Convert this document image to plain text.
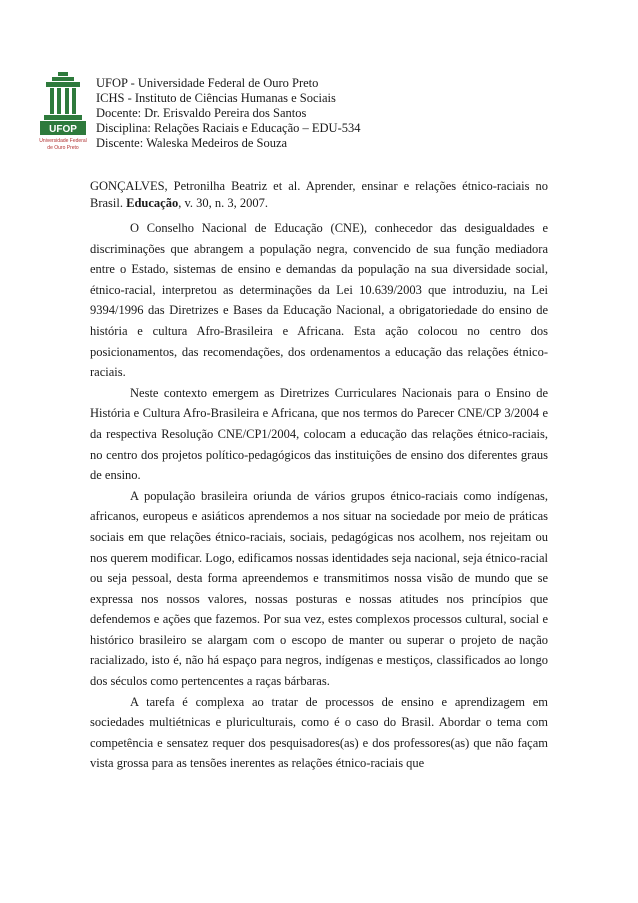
UFOP
Universidade Federal
de Ouro Preto
UFOP - Universidade Federal de Ouro Preto
ICHS - Instituto de Ciências Humanas e Sociais
Docente: Dr. Erisvaldo Pereira dos Santos
Disciplina: Relações Raciais e Educação – EDU-534
Discente: Waleska Medeiros de Souza
GONÇALVES, Petronilha Beatriz et al. Aprender, ensinar e relações étnico-raciais no Brasil. Educação, v. 30, n. 3, 2007.

O Conselho Nacional de Educação (CNE), conhecedor das desigualdades e discriminações que abrangem a população negra, convencido de sua função mediadora entre o Estado, sistemas de ensino e demandas da população na sua diversidade social, étnico-racial, interpretou as determinações da Lei 10.639/2003 que introduziu, na Lei 9394/1996 das Diretrizes e Bases da Educação Nacional, a obrigatoriedade do ensino de história e cultura Afro-Brasileira e Africana. Esta ação colocou no centro dos posicionamentos, das recomendações, dos ordenamentos a educação das relações étnico-raciais.

Neste contexto emergem as Diretrizes Curriculares Nacionais para o Ensino de História e Cultura Afro-Brasileira e Africana, que nos termos do Parecer CNE/CP 3/2004 e da respectiva Resolução CNE/CP1/2004, colocam a educação das relações étnico-raciais, no centro dos projetos político-pedagógicos das instituições de ensino dos diferentes graus de ensino.

A população brasileira oriunda de vários grupos étnico-raciais como indígenas, africanos, europeus e asiáticos aprendemos a nos situar na sociedade por meio de práticas sociais em que relações étnico-raciais, sociais, pedagógicas nos acolhem, nos rejeitam ou nos querem modificar. Logo, edificamos nossas identidades seja nacional, seja étnico-racial ou seja pessoal, desta forma apreendemos e transmitimos nossa visão de mundo que se expressa nos nossos valores, nossas posturas e nossas atitudes nos princípios que defendemos e ações que fazemos. Por sua vez, estes complexos processos cultural, social e histórico brasileiro se alargam com o escopo de manter ou superar o projeto de nação racializado, isto é, não há espaço para negros, indígenas e mestiços, classificados ao longo dos séculos como pertencentes a raças bárbaras.

A tarefa é complexa ao tratar de processos de ensino e aprendizagem em sociedades multiétnicas e pluriculturais, como é o caso do Brasil. Abordar o tema com competência e sensatez requer dos pesquisadores(as) e dos professores(as) que não façam vista grossa para as tensões inerentes as relações étnico-raciais que
